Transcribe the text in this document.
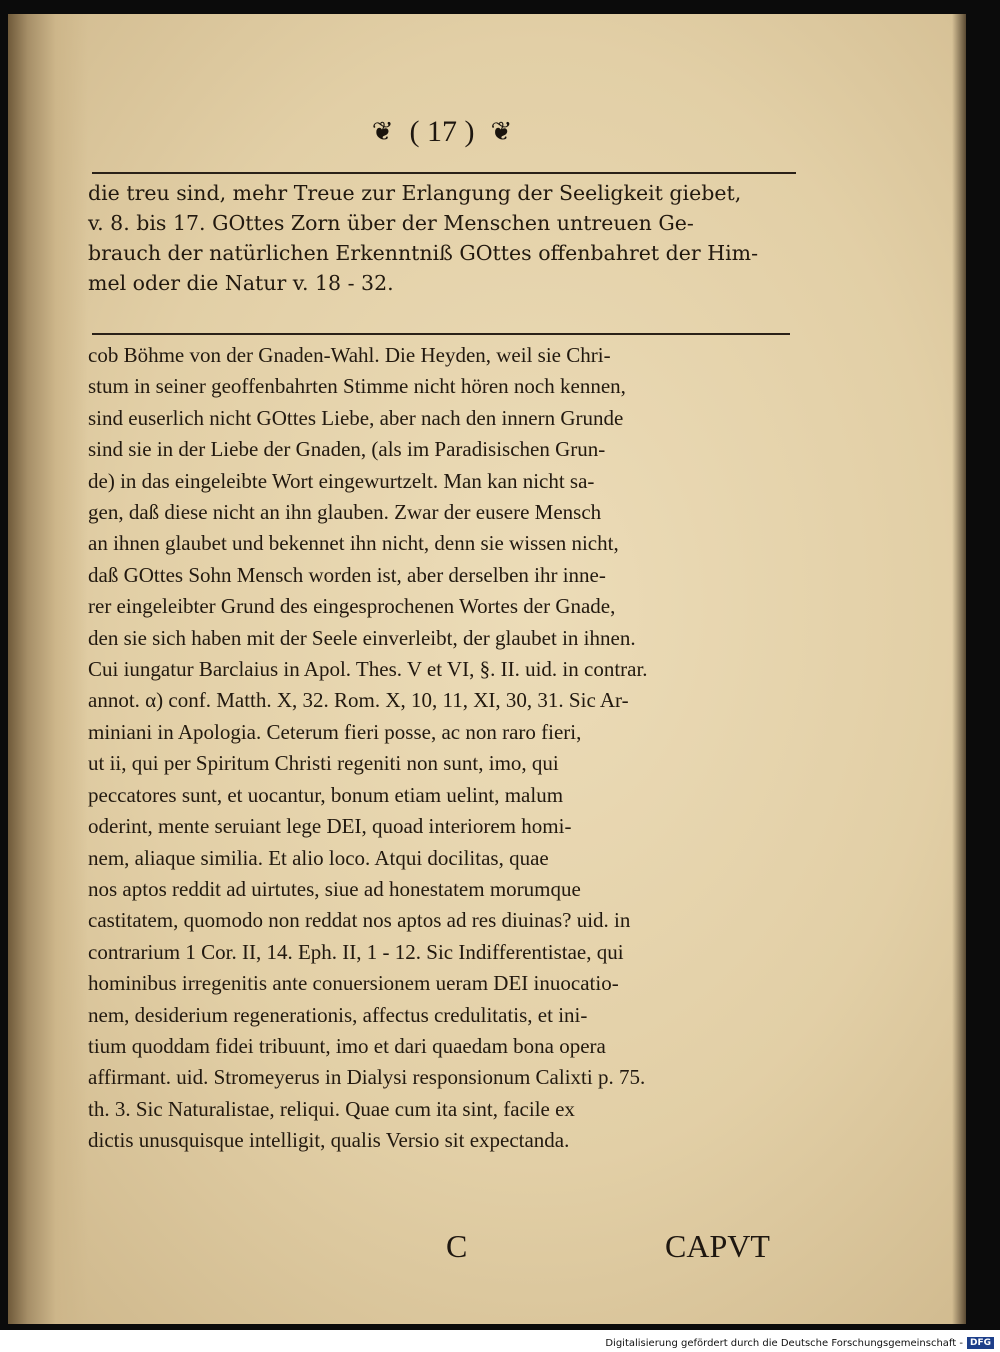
❦ ( 17 ) ❦

die treu sind, mehr Treue zur Erlangung der Seeligkeit giebet,
v. 8. bis 17. GOttes Zorn über der Menschen untreuen Ge-
brauch der natürlichen Erkenntniß GOttes offenbahret der Him-
mel oder die Natur v. 18 - 32.

cob Böhme von der Gnaden-Wahl. Die Heyden, weil sie Chri-
stum in seiner geoffenbahrten Stimme nicht hören noch kennen,
sind euserlich nicht GOttes Liebe, aber nach den innern Grunde
sind sie in der Liebe der Gnaden, (als im Paradisischen Grun-
de) in das eingeleibte Wort eingewurtzelt. Man kan nicht sa-
gen, daß diese nicht an ihn glauben. Zwar der eusere Mensch
an ihnen glaubet und bekennet ihn nicht, denn sie wissen nicht,
daß GOttes Sohn Mensch worden ist, aber derselben ihr inne-
rer eingeleibter Grund des eingesprochenen Wortes der Gnade,
den sie sich haben mit der Seele einverleibt, der glaubet in ihnen.
Cui iungatur Barclaius in Apol. Thes. V et VI, §. II. uid. in contrar.
annot. α) conf. Matth. X, 32. Rom. X, 10, 11, XI, 30, 31. Sic Ar-
miniani in Apologia. Ceterum fieri posse, ac non raro fieri,
ut ii, qui per Spiritum Christi regeniti non sunt, imo, qui
peccatores sunt, et uocantur, bonum etiam uelint, malum
oderint, mente seruiant lege DEI, quoad interiorem homi-
nem, aliaque similia. Et alio loco. Atqui docilitas, quae
nos aptos reddit ad uirtutes, siue ad honestatem morumque
castitatem, quomodo non reddat nos aptos ad res diuinas? uid. in
contrarium 1 Cor. II, 14. Eph. II, 1 - 12. Sic Indifferentistae, qui
hominibus irregenitis ante conuersionem ueram DEI inuocatio-
nem, desiderium regenerationis, affectus credulitatis, et ini-
tium quoddam fidei tribuunt, imo et dari quaedam bona opera
affirmant. uid. Stromeyerus in Dialysi responsionum Calixti p. 75.
th. 3. Sic Naturalistae, reliqui. Quae cum ita sint, facile ex
dictis unusquisque intelligit, qualis Versio sit expectanda.

C	CAPVT
Digitalisierung gefördert durch die Deutsche Forschungsgemeinschaft - DFG
